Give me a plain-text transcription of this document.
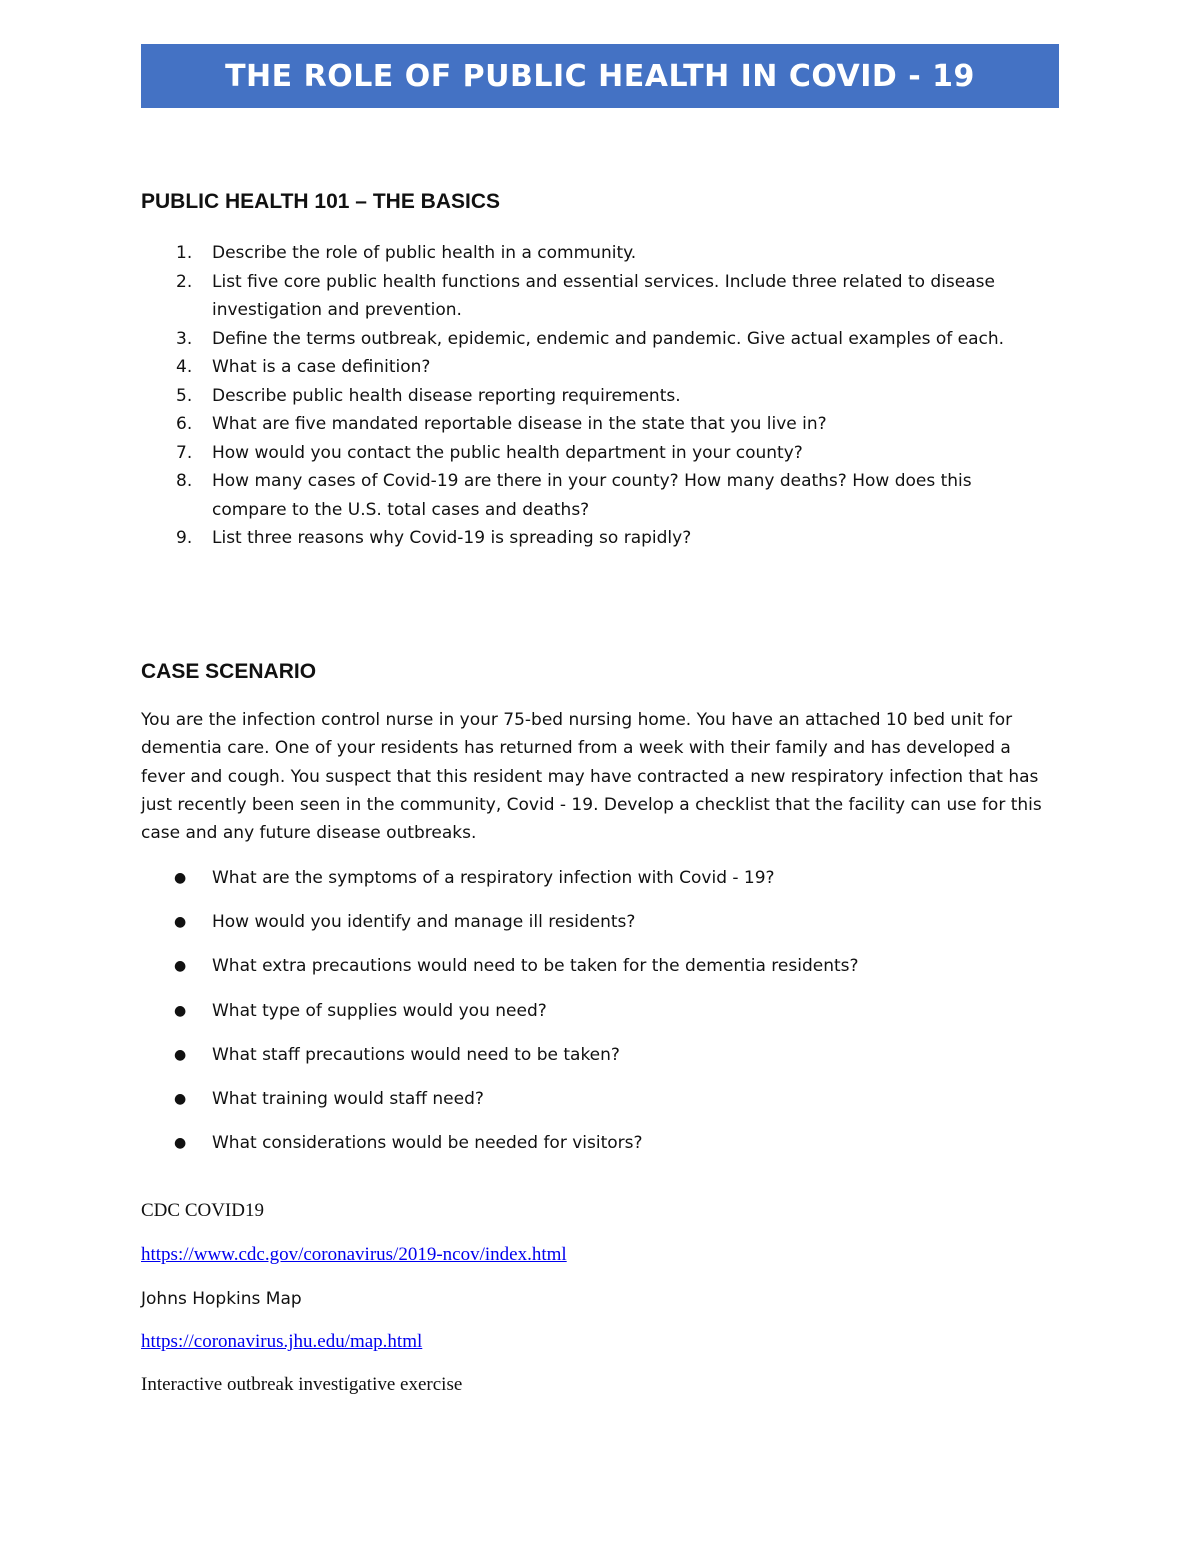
THE ROLE OF PUBLIC HEALTH IN COVID - 19
PUBLIC HEALTH 101 – THE BASICS
1. Describe the role of public health in a community.
2. List five core public health functions and essential services. Include three related to disease investigation and prevention.
3. Define the terms outbreak, epidemic, endemic and pandemic. Give actual examples of each.
4. What is a case definition?
5. Describe public health disease reporting requirements.
6. What are five mandated reportable disease in the state that you live in?
7. How would you contact the public health department in your county?
8. How many cases of Covid-19 are there in your county? How many deaths? How does this compare to the U.S. total cases and deaths?
9. List three reasons why Covid-19 is spreading so rapidly?
CASE SCENARIO

You are the infection control nurse in your 75-bed nursing home. You have an attached 10 bed unit for dementia care. One of your residents has returned from a week with their family and has developed a fever and cough. You suspect that this resident may have contracted a new respiratory infection that has just recently been seen in the community, Covid - 19. Develop a checklist that the facility can use for this case and any future disease outbreaks.

● What are the symptoms of a respiratory infection with Covid - 19?
● How would you identify and manage ill residents?
● What extra precautions would need to be taken for the dementia residents?
● What type of supplies would you need?
● What staff precautions would need to be taken?
● What training would staff need?
● What considerations would be needed for visitors?
CDC COVID19
https://www.cdc.gov/coronavirus/2019-ncov/index.html
Johns Hopkins Map
https://coronavirus.jhu.edu/map.html
Interactive outbreak investigative exercise
